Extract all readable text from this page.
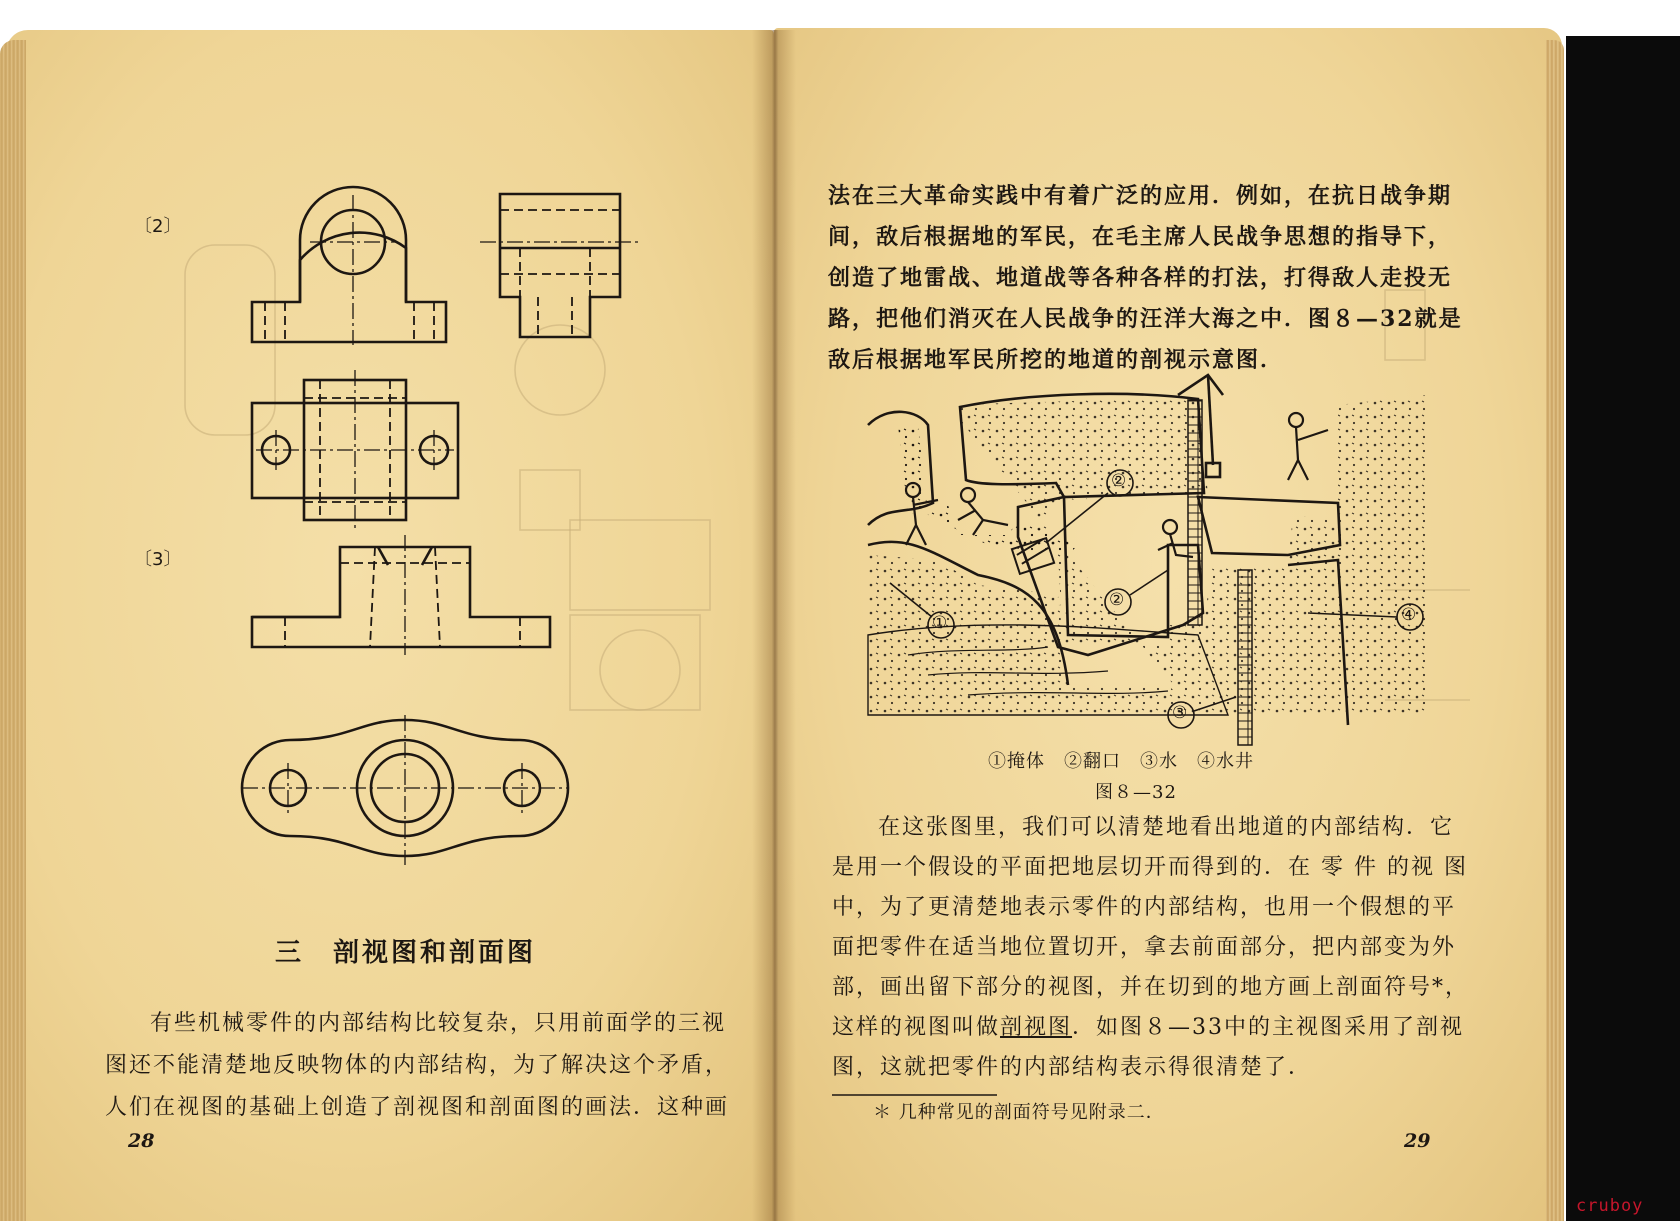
〔2〕
〔3〕
三　剖视图和剖面图
有些机械零件的内部结构比较复杂，只用前面学的三视
图还不能清楚地反映物体的内部结构，为了解决这个矛盾，
人们在视图的基础上创造了剖视图和剖面图的画法．这种画
28
法在三大革命实践中有着广泛的应用．例如，在抗日战争期
间，敌后根据地的军民，在毛主席人民战争思想的指导下，
创造了地雷战、地道战等各种各样的打法，打得敌人走投无
路，把他们消灭在人民战争的汪洋大海之中．图８—32就是
敌后根据地军民所挖的地道的剖视示意图．
①
②
②
③
④
①掩体　②翻口　③水　④水井
图８—32
在这张图里，我们可以清楚地看出地道的内部结构．它
是用一个假设的平面把地层切开而得到的．在 零 件 的视 图
中，为了更清楚地表示零件的内部结构，也用一个假想的平
面把零件在适当地位置切开，拿去前面部分，把内部变为外
部，画出留下部分的视图，并在切到的地方画上剖面符号*，
这样的视图叫做剖视图．如图８—33中的主视图采用了剖视
图，这就把零件的内部结构表示得很清楚了．
＊ 几种常见的剖面符号见附录二．
29
cruboy
